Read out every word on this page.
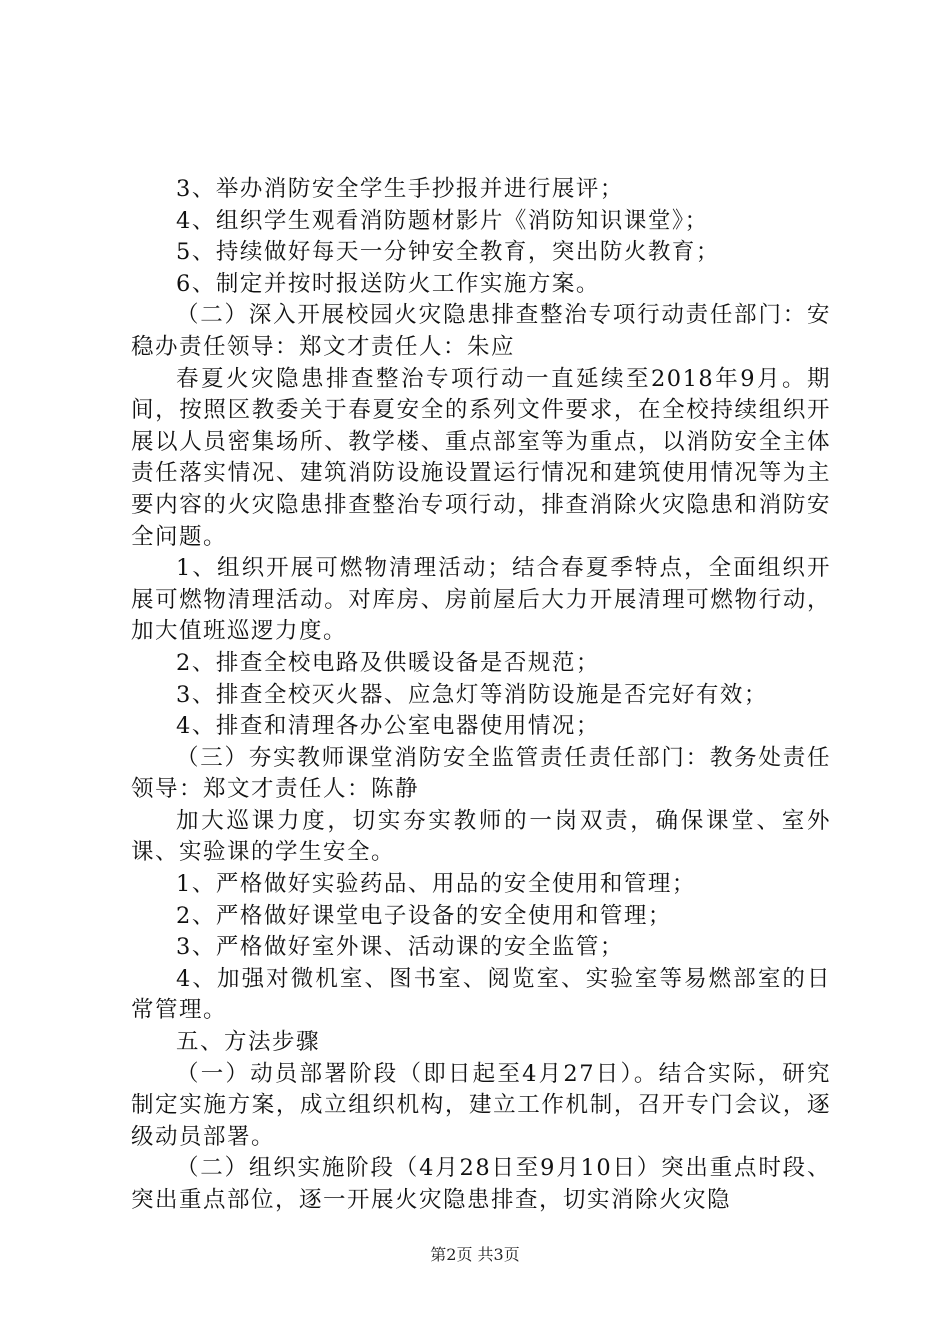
3、举办消防安全学生手抄报并进行展评；

4、组织学生观看消防题材影片《消防知识课堂》；

5、持续做好每天一分钟安全教育，突出防火教育；

6、制定并按时报送防火工作实施方案。

（二）深入开展校园火灾隐患排查整治专项行动责任部门：安稳办责任领导：郑文才责任人：朱应

春夏火灾隐患排查整治专项行动一直延续至2018年9月。期间，按照区教委关于春夏安全的系列文件要求，在全校持续组织开展以人员密集场所、教学楼、重点部室等为重点，以消防安全主体责任落实情况、建筑消防设施设置运行情况和建筑使用情况等为主要内容的火灾隐患排查整治专项行动，排查消除火灾隐患和消防安全问题。

1、组织开展可燃物清理活动；结合春夏季特点，全面组织开展可燃物清理活动。对库房、房前屋后大力开展清理可燃物行动，加大值班巡逻力度。

2、排查全校电路及供暖设备是否规范；

3、排查全校灭火器、应急灯等消防设施是否完好有效；

4、排查和清理各办公室电器使用情况；

（三）夯实教师课堂消防安全监管责任责任部门：教务处责任领导：郑文才责任人：陈静

加大巡课力度，切实夯实教师的一岗双责，确保课堂、室外课、实验课的学生安全。

1、严格做好实验药品、用品的安全使用和管理；

2、严格做好课堂电子设备的安全使用和管理；

3、严格做好室外课、活动课的安全监管；

4、加强对微机室、图书室、阅览室、实验室等易燃部室的日常管理。

五、方法步骤

（一）动员部署阶段（即日起至4月27日）。结合实际，研究制定实施方案，成立组织机构，建立工作机制，召开专门会议，逐级动员部署。

（二）组织实施阶段（4月28日至9月10日）突出重点时段、突出重点部位，逐一开展火灾隐患排查，切实消除火灾隐

第2页 共3页
